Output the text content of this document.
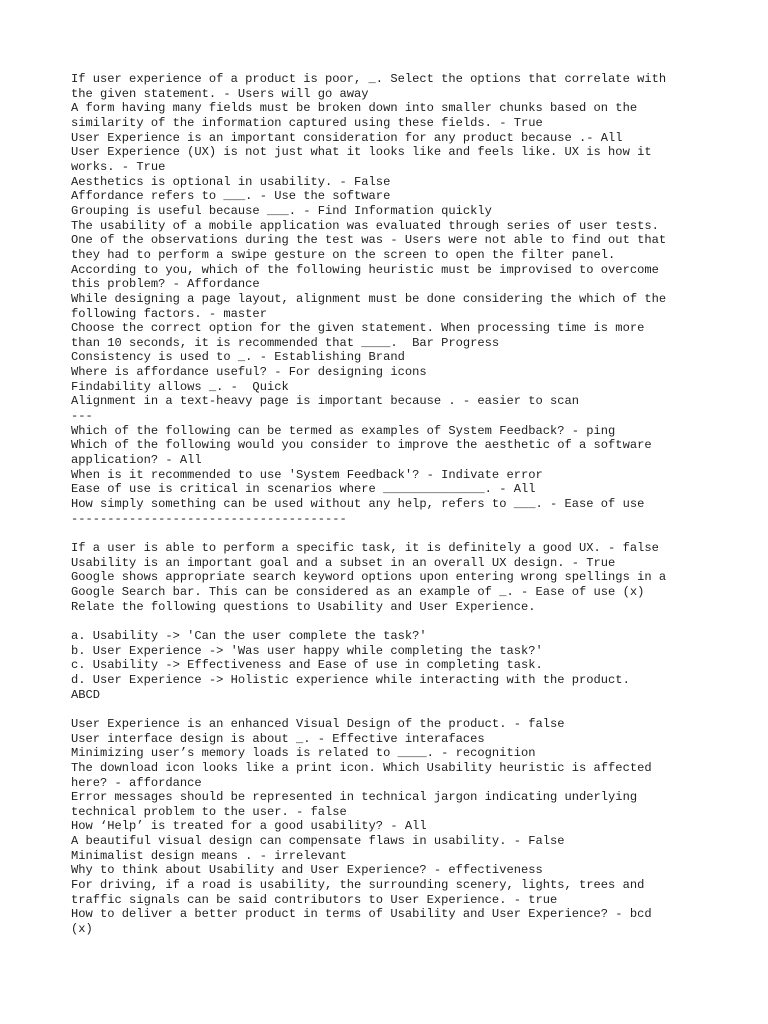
If user experience of a product is poor, _. Select the options that correlate with
the given statement. - Users will go away
A form having many fields must be broken down into smaller chunks based on the
similarity of the information captured using these fields. - True
User Experience is an important consideration for any product because .- All
User Experience (UX) is not just what it looks like and feels like. UX is how it
works. - True
Aesthetics is optional in usability. - False
Affordance refers to ___. - Use the software
Grouping is useful because ___. - Find Information quickly
The usability of a mobile application was evaluated through series of user tests.
One of the observations during the test was - Users were not able to find out that
they had to perform a swipe gesture on the screen to open the filter panel.
According to you, which of the following heuristic must be improvised to overcome
this problem? - Affordance
While designing a page layout, alignment must be done considering the which of the
following factors. - master
Choose the correct option for the given statement. When processing time is more
than 10 seconds, it is recommended that ____.  Bar Progress
Consistency is used to _. - Establishing Brand
Where is affordance useful? - For designing icons
Findability allows _. -  Quick
Alignment in a text-heavy page is important because . - easier to scan
---
Which of the following can be termed as examples of System Feedback? - ping
Which of the following would you consider to improve the aesthetic of a software
application? - All
When is it recommended to use 'System Feedback'? - Indivate error
Ease of use is critical in scenarios where ______________. - All
How simply something can be used without any help, refers to ___. - Ease of use
--------------------------------------
If a user is able to perform a specific task, it is definitely a good UX. - false
Usability is an important goal and a subset in an overall UX design. - True
Google shows appropriate search keyword options upon entering wrong spellings in a
Google Search bar. This can be considered as an example of _. - Ease of use (x)
Relate the following questions to Usability and User Experience.
a. Usability -> 'Can the user complete the task?'
b. User Experience -> 'Was user happy while completing the task?'
c. Usability -> Effectiveness and Ease of use in completing task.
d. User Experience -> Holistic experience while interacting with the product.
ABCD
User Experience is an enhanced Visual Design of the product. - false
User interface design is about _. - Effective interafaces
Minimizing user’s memory loads is related to ____. - recognition
The download icon looks like a print icon. Which Usability heuristic is affected
here? - affordance
Error messages should be represented in technical jargon indicating underlying
technical problem to the user. - false
How ‘Help’ is treated for a good usability? - All
A beautiful visual design can compensate flaws in usability. - False
Minimalist design means . - irrelevant
Why to think about Usability and User Experience? - effectiveness
For driving, if a road is usability, the surrounding scenery, lights, trees and
traffic signals can be said contributors to User Experience. - true
How to deliver a better product in terms of Usability and User Experience? - bcd
(x)
